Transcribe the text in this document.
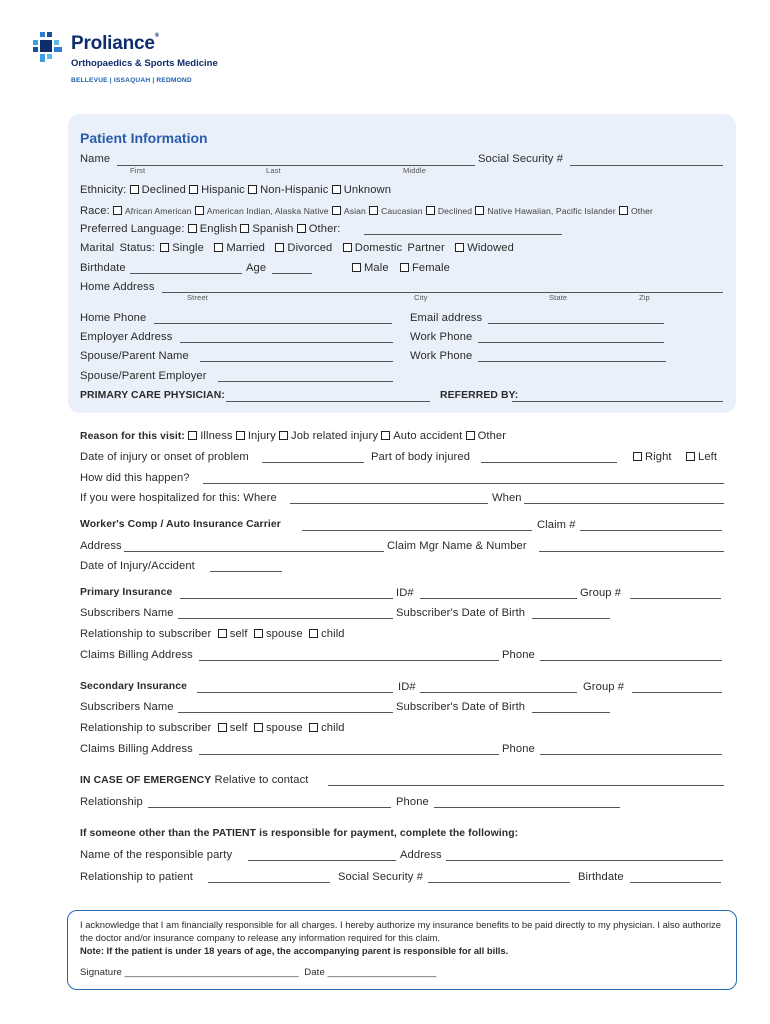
Proliance®
Orthopaedics & Sports Medicine
BELLEVUE | ISSAQUAH | REDMOND
Patient Information
Name
First	Last	Middle
Social Security #
Ethnicity: Declined Hispanic Non-Hispanic Unknown
Race: African American American Indian, Alaska Native Asian Caucasian Declined Native Hawaiian, Pacific Islander Other
Preferred Language: English Spanish Other:
Marital Status: Single Married Divorced Domestic Partner Widowed
Birthdate	Age	Male	Female
Home Address
Street	City	State	Zip
Home Phone	Email address
Employer Address	Work Phone
Spouse/Parent Name	Work Phone
Spouse/Parent Employer
PRIMARY CARE PHYSICIAN:	REFERRED BY:
Reason for this visit: Illness Injury Job related injury Auto accident Other
Date of injury or onset of problem	Part of body injured	Right	Left
How did this happen?
If you were hospitalized for this: Where	When
Worker's Comp / Auto Insurance Carrier	Claim #
Address	Claim Mgr Name & Number
Date of Injury/Accident
Primary Insurance	ID#	Group #
Subscribers Name	Subscriber's Date of Birth
Relationship to subscriber self spouse child
Claims Billing Address	Phone
Secondary Insurance	ID#	Group #
Subscribers Name	Subscriber's Date of Birth
Relationship to subscriber self spouse child
Claims Billing Address	Phone
IN CASE OF EMERGENCY Relative to contact
Relationship	Phone
If someone other than the PATIENT is responsible for payment, complete the following:
Name of the responsible party	Address
Relationship to patient	Social Security #	Birthdate
I acknowledge that I am financially responsible for all charges. I hereby authorize my insurance benefits to be paid directly to my physician. I also authorize the doctor and/or insurance company to release any information required for this claim.
Note: If the patient is under 18 years of age, the accompanying parent is responsible for all bills.
Signature ________________________________ Date ____________________
